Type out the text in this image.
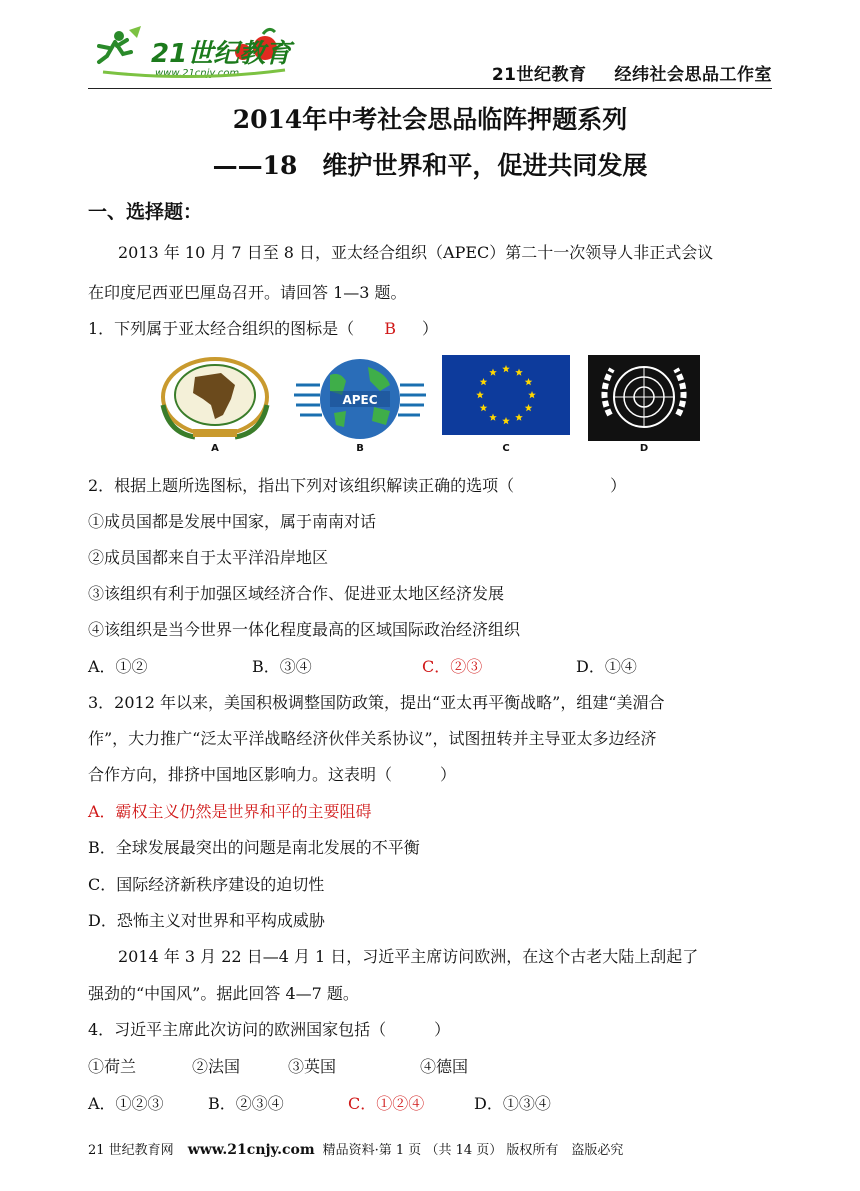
21世纪教育
www.21cnjy.com	21世纪教育 经纬社会思品工作室
2014年中考社会思品临阵押题系列
——18　维护世界和平，促进共同发展
一、选择题：
2013 年 10 月 7 日至 8 日，亚太经合组织（APEC）第二十一次领导人非正式会议
在印度尼西亚巴厘岛召开。请回答 1—3 题。
1．下列属于亚太经合组织的图标是（ B ）
APEC
A	B	C	D
2．根据上题所选图标，指出下列对该组织解读正确的选项（　　　　　　）
①成员国都是发展中国家，属于南南对话
②成员国都来自于太平洋沿岸地区
③该组织有利于加强区域经济合作、促进亚太地区经济发展
④该组织是当今世界一体化程度最高的区域国际政治经济组织
A．①②	B．③④	C．②③	D．①④
3．2012 年以来，美国积极调整国防政策，提出“亚太再平衡战略”，组建“美湄合
作”，大力推广“泛太平洋战略经济伙伴关系协议”，试图扭转并主导亚太多边经济
合作方向，排挤中国地区影响力。这表明（　　　）
A．霸权主义仍然是世界和平的主要阻碍
B．全球发展最突出的问题是南北发展的不平衡
C．国际经济新秩序建设的迫切性
D．恐怖主义对世界和平构成威胁
2014 年 3 月 22 日—4 月 1 日，习近平主席访问欧洲，在这个古老大陆上刮起了
强劲的“中国风”。据此回答 4—7 题。
4．习近平主席此次访问的欧洲国家包括（　　　）
①荷兰	②法国	③英国	④德国
A．①②③	B．②③④	C．①②④	D．①③④
21 世纪教育网 www.21cnjy.com 精品资料·第 1 页 （共 14 页） 版权所有　盗版必究
